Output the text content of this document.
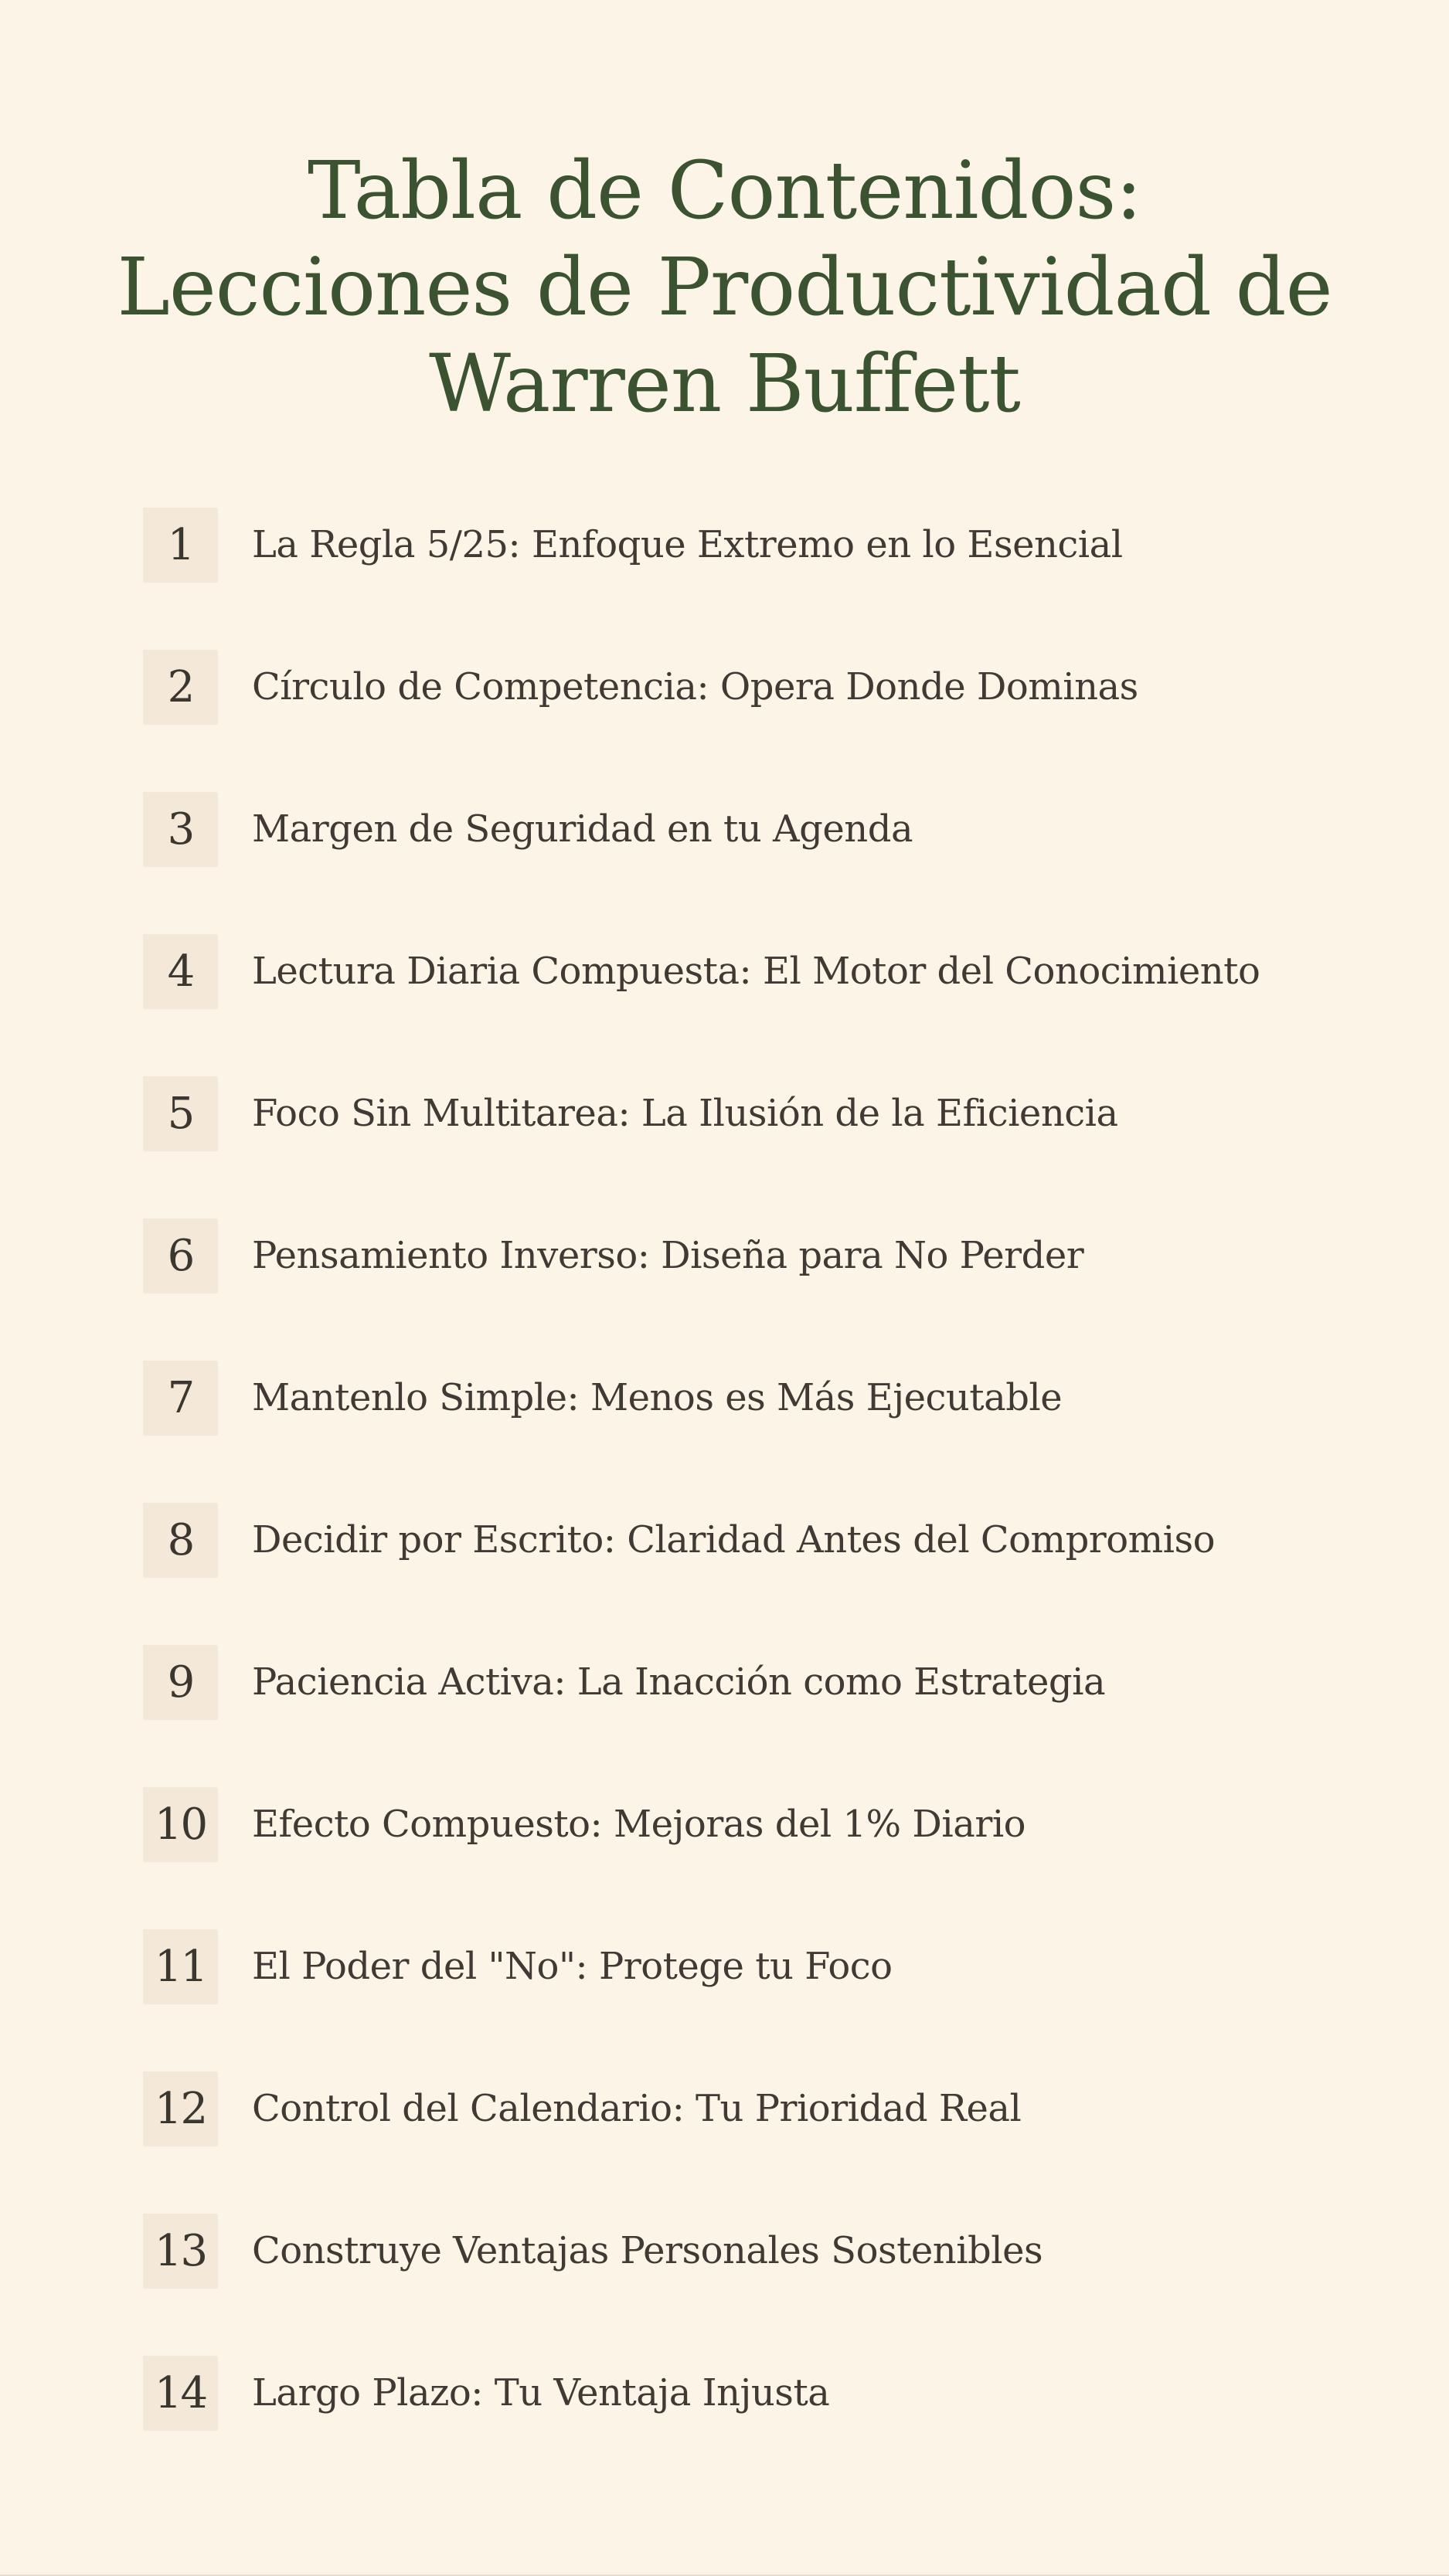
Tabla de Contenidos: Lecciones de Productividad de Warren Buffett
1	La Regla 5/25: Enfoque Extremo en lo Esencial
2	Círculo de Competencia: Opera Donde Dominas
3	Margen de Seguridad en tu Agenda
4	Lectura Diaria Compuesta: El Motor del Conocimiento
5	Foco Sin Multitarea: La Ilusión de la Eficiencia
6	Pensamiento Inverso: Diseña para No Perder
7	Mantenlo Simple: Menos es Más Ejecutable
8	Decidir por Escrito: Claridad Antes del Compromiso
9	Paciencia Activa: La Inacción como Estrategia
10	Efecto Compuesto: Mejoras del 1% Diario
11	El Poder del "No": Protege tu Foco
12	Control del Calendario: Tu Prioridad Real
13	Construye Ventajas Personales Sostenibles
14	Largo Plazo: Tu Ventaja Injusta
